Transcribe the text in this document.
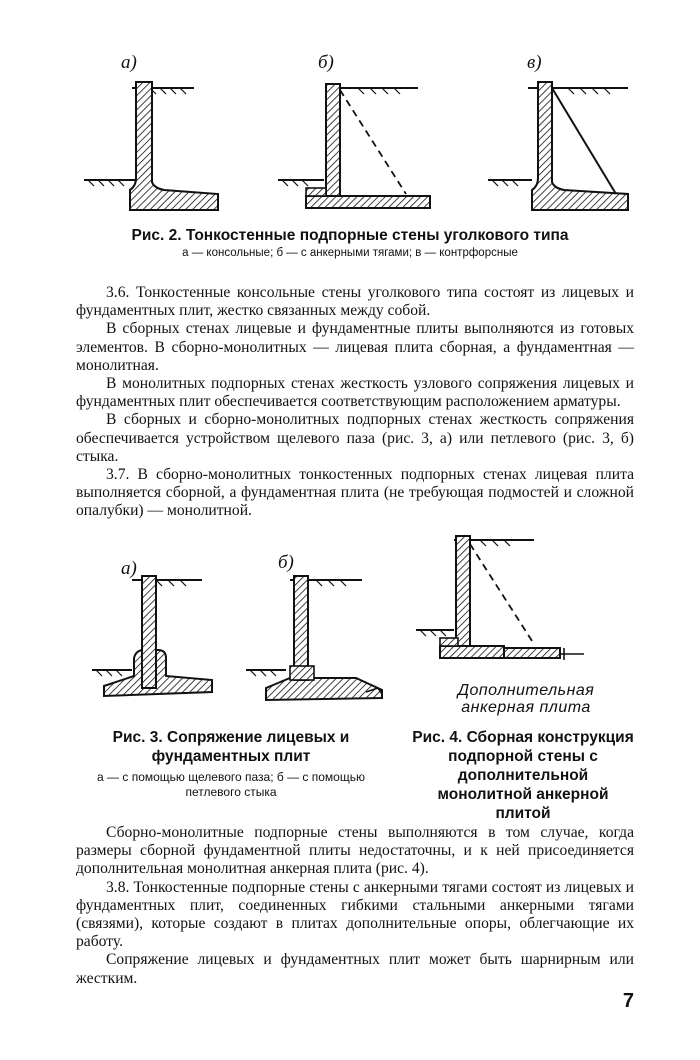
а)	б)	в)
Рис. 2. Тонкостенные подпорные стены уголкового типа
а — консольные; б — с анкерными тягами; в — контрфорсные

3.6. Тонкостенные консольные стены уголкового типа состоят из лицевых и фундаментных плит, жестко связанных между собой.

В сборных стенах лицевые и фундаментные плиты выполняются из готовых элементов. В сборно-монолитных — лицевая плита сборная, а фундаментная — монолитная.

В монолитных подпорных стенах жесткость узлового сопряжения лицевых и фундаментных плит обеспечивается соответствующим расположением арматуры.

В сборных и сборно-монолитных подпорных стенах жесткость сопряжения обеспечивается устройством щелевого паза (рис. 3, а) или петлевого (рис. 3, б) стыка.

3.7. В сборно-монолитных тонкостенных подпорных стенах лицевая плита выполняется сборной, а фундаментная плита (не требующая подмостей и сложной опалубки) — монолитной.

а)	б)
Дополнительная анкерная плита
Рис. 3. Сопряжение лицевых и фундаментных плит
а — с помощью щелевого паза; б — с помощью петлевого стыка
Рис. 4. Сборная конструкция подпорной стены с дополнительной монолитной анкерной плитой

Сборно-монолитные подпорные стены выполняются в том случае, когда размеры сборной фундаментной плиты недостаточны, и к ней присоединяется дополнительная монолитная анкерная плита (рис. 4).

3.8. Тонкостенные подпорные стены с анкерными тягами состоят из лицевых и фундаментных плит, соединенных гибкими стальными анкерными тягами (связями), которые создают в плитах дополнительные опоры, облегчающие их работу.

Сопряжение лицевых и фундаментных плит может быть шарнирным или жестким.

7
